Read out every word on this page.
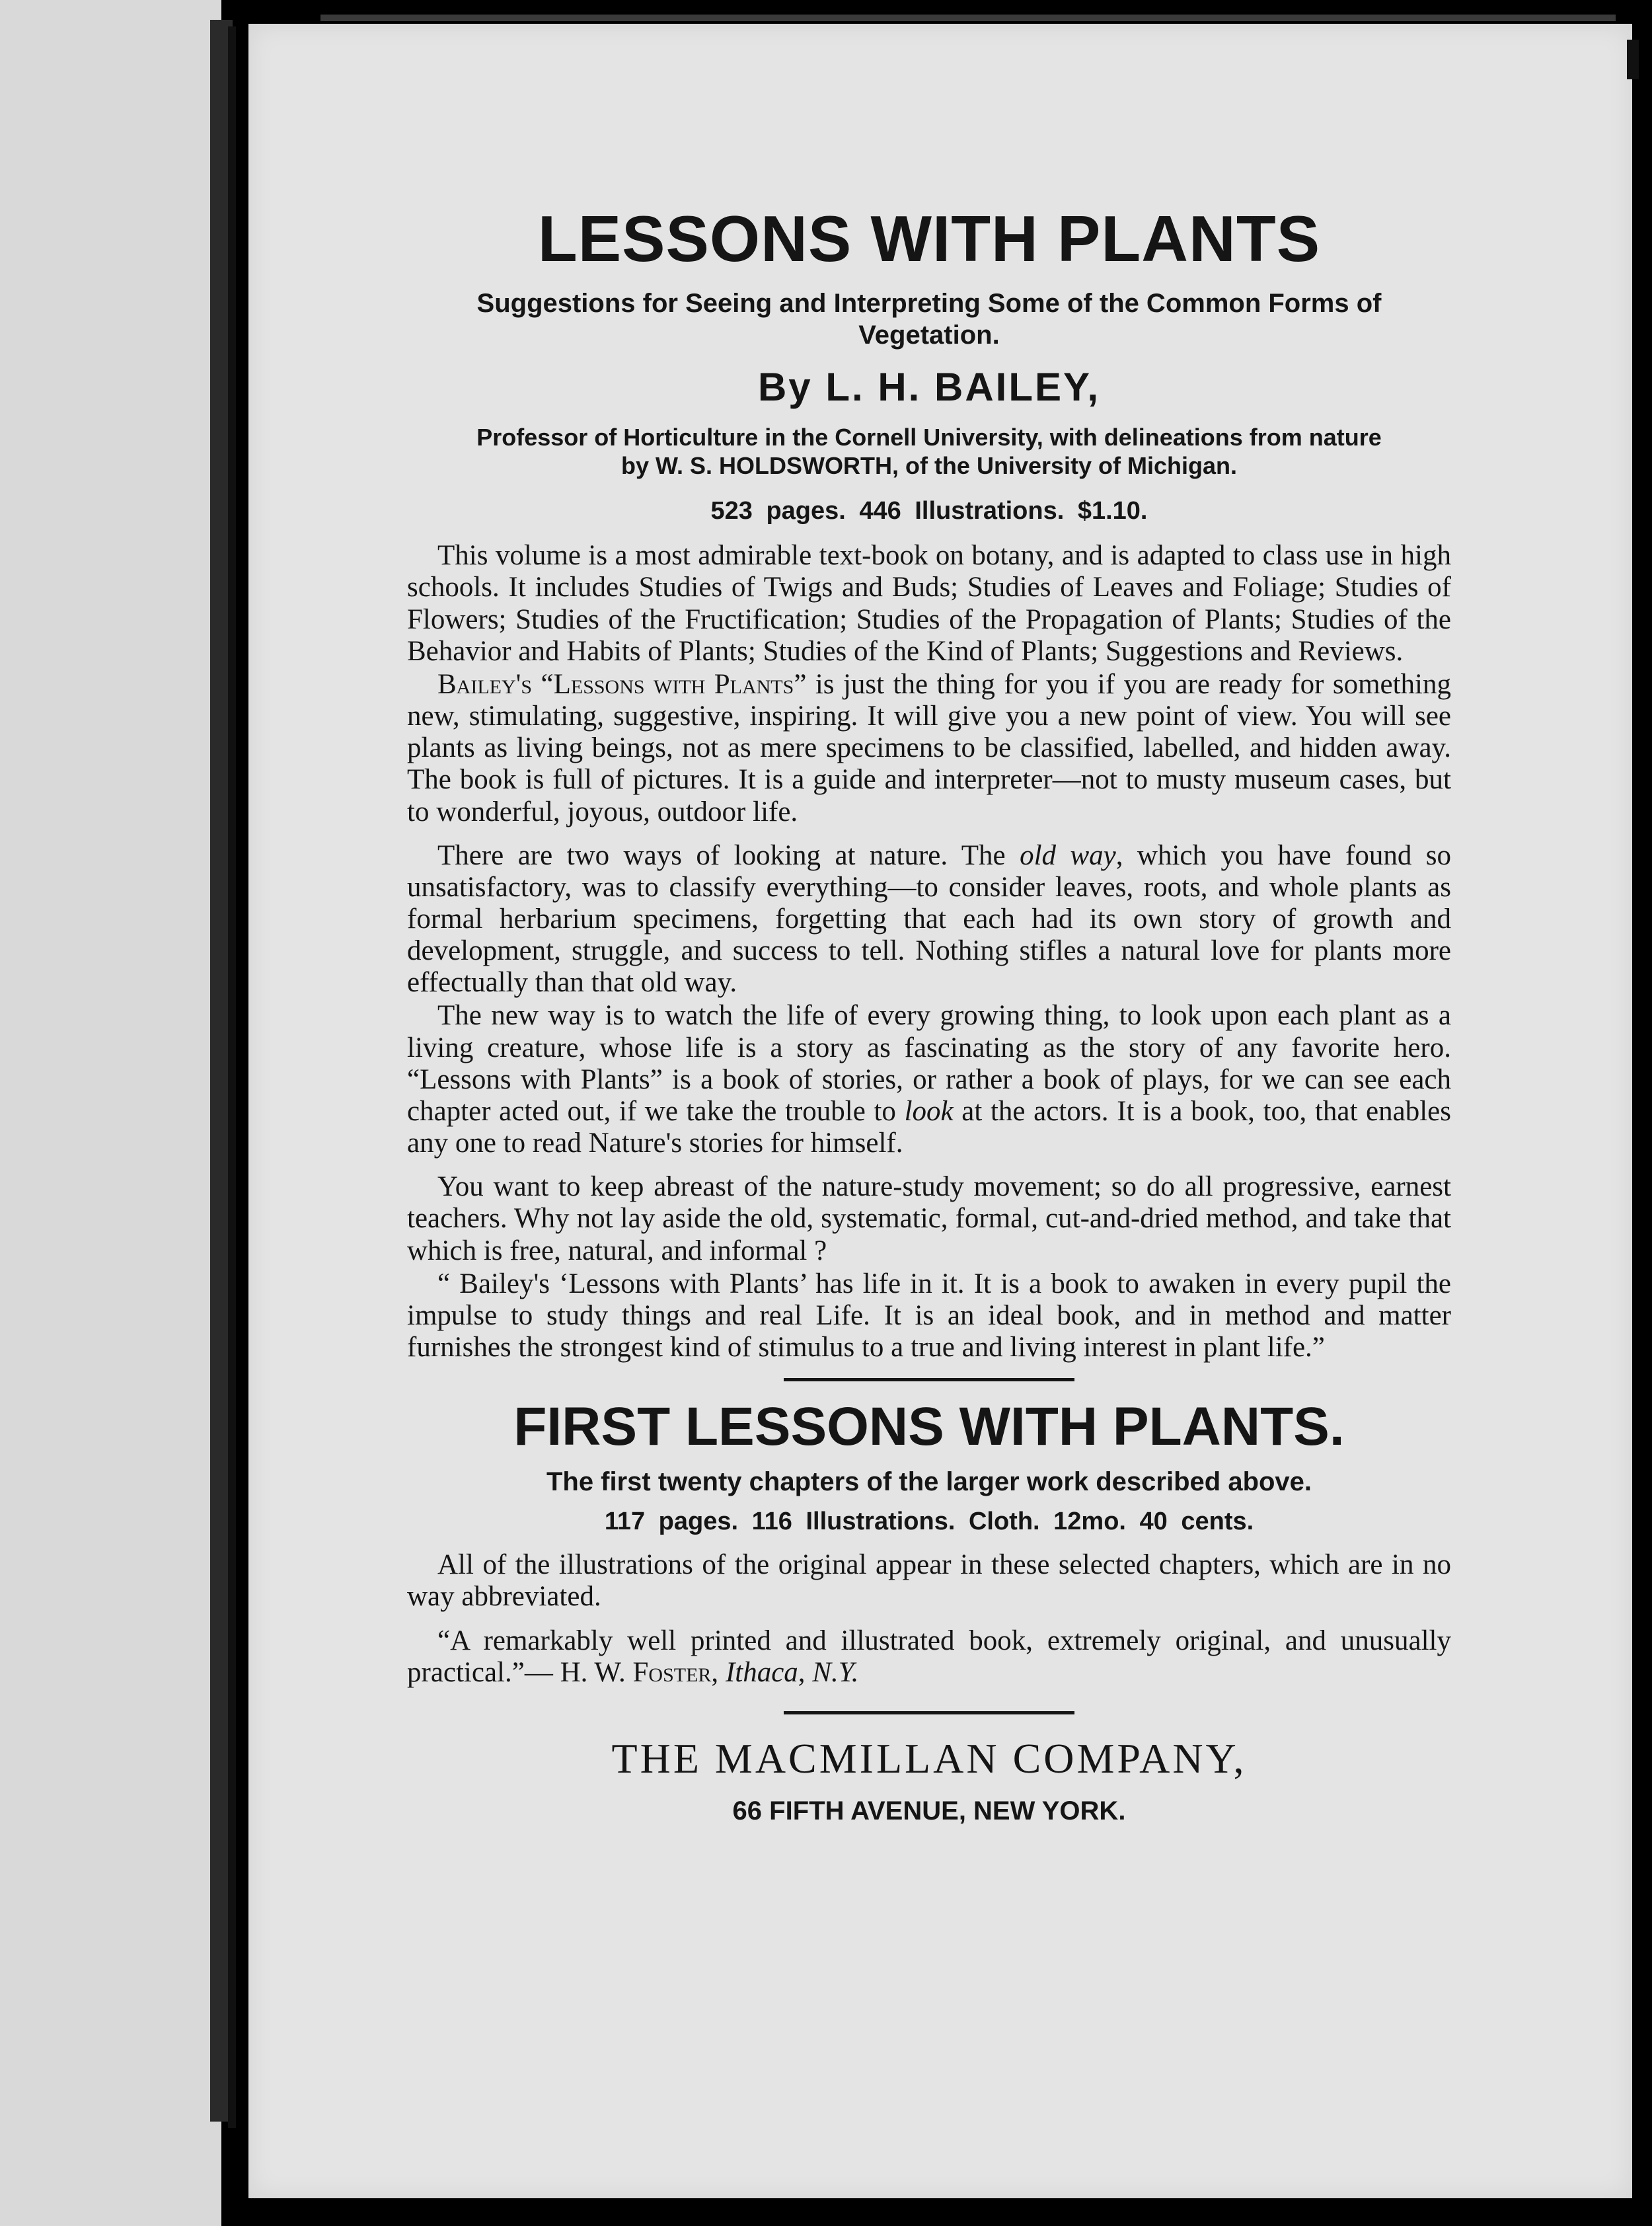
LESSONS WITH PLANTS

Suggestions for Seeing and Interpreting Some of the Common Forms of Vegetation.

By L. H. BAILEY,

Professor of Horticulture in the Cornell University, with delineations from nature
by W. S. HOLDSWORTH, of the University of Michigan.

523 pages. 446 Illustrations. $1.10.

This volume is a most admirable text-book on botany, and is adapted to class use in high schools. It includes Studies of Twigs and Buds; Studies of Leaves and Foliage; Studies of Flowers; Studies of the Fructification; Studies of the Propagation of Plants; Studies of the Behavior and Habits of Plants; Studies of the Kind of Plants; Suggestions and Reviews.

Bailey's “Lessons with Plants” is just the thing for you if you are ready for something new, stimulating, suggestive, inspiring. It will give you a new point of view. You will see plants as living beings, not as mere specimens to be classified, labelled, and hidden away. The book is full of pictures. It is a guide and interpreter—not to musty museum cases, but to wonderful, joyous, outdoor life.

There are two ways of looking at nature. The old way, which you have found so unsatisfactory, was to classify everything—to consider leaves, roots, and whole plants as formal herbarium specimens, forgetting that each had its own story of growth and development, struggle, and success to tell. Nothing stifles a natural love for plants more effectually than that old way.

The new way is to watch the life of every growing thing, to look upon each plant as a living creature, whose life is a story as fascinating as the story of any favorite hero. “Lessons with Plants” is a book of stories, or rather a book of plays, for we can see each chapter acted out, if we take the trouble to look at the actors. It is a book, too, that enables any one to read Nature's stories for himself.

You want to keep abreast of the nature-study movement; so do all progressive, earnest teachers. Why not lay aside the old, systematic, formal, cut-and-dried method, and take that which is free, natural, and informal ?

“ Bailey's ‘Lessons with Plants’ has life in it. It is a book to awaken in every pupil the impulse to study things and real Life. It is an ideal book, and in method and matter furnishes the strongest kind of stimulus to a true and living interest in plant life.”

FIRST LESSONS WITH PLANTS.

The first twenty chapters of the larger work described above.

117 pages. 116 Illustrations. Cloth. 12mo. 40 cents.

All of the illustrations of the original appear in these selected chapters, which are in no way abbreviated.

“A remarkably well printed and illustrated book, extremely original, and unusually practical.”— H. W. Foster, Ithaca, N.Y.

THE MACMILLAN COMPANY,

66 FIFTH AVENUE, NEW YORK.
